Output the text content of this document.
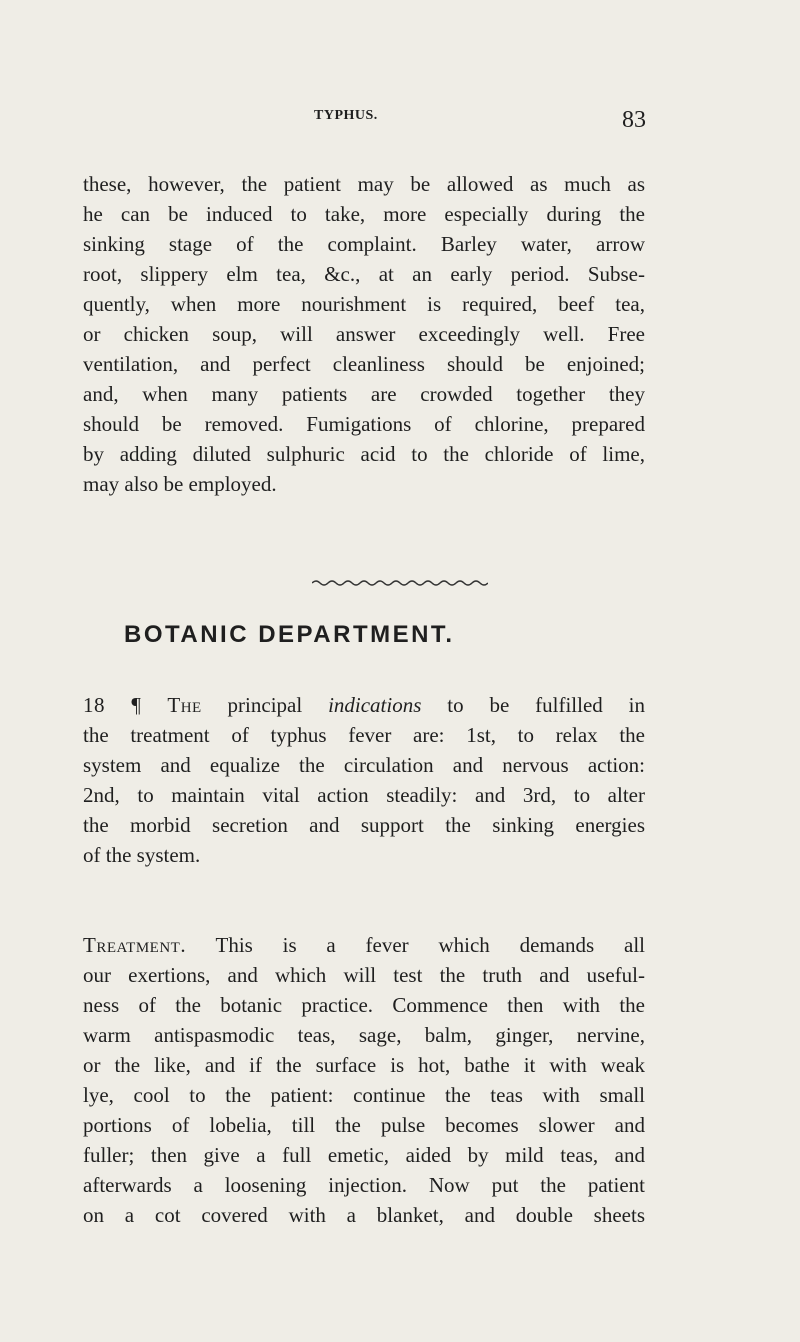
TYPHUS.	83
these, however, the patient may be allowed as much as
he can be induced to take, more especially during the
sinking stage of the complaint. Barley water, arrow
root, slippery elm tea, &c., at an early period. Subse-
quently, when more nourishment is required, beef tea,
or chicken soup, will answer exceedingly well. Free
ventilation, and perfect cleanliness should be enjoined;
and, when many patients are crowded together they
should be removed. Fumigations of chlorine, prepared
by adding diluted sulphuric acid to the chloride of lime,
may also be employed.
BOTANIC DEPARTMENT.
18 ¶ The principal indications to be fulfilled in
the treatment of typhus fever are: 1st, to relax the
system and equalize the circulation and nervous action:
2nd, to maintain vital action steadily: and 3rd, to alter
the morbid secretion and support the sinking energies
of the system.
Treatment. This is a fever which demands all
our exertions, and which will test the truth and useful-
ness of the botanic practice. Commence then with the
warm antispasmodic teas, sage, balm, ginger, nervine,
or the like, and if the surface is hot, bathe it with weak
lye, cool to the patient: continue the teas with small
portions of lobelia, till the pulse becomes slower and
fuller; then give a full emetic, aided by mild teas, and
afterwards a loosening injection. Now put the patient
on a cot covered with a blanket, and double sheets
